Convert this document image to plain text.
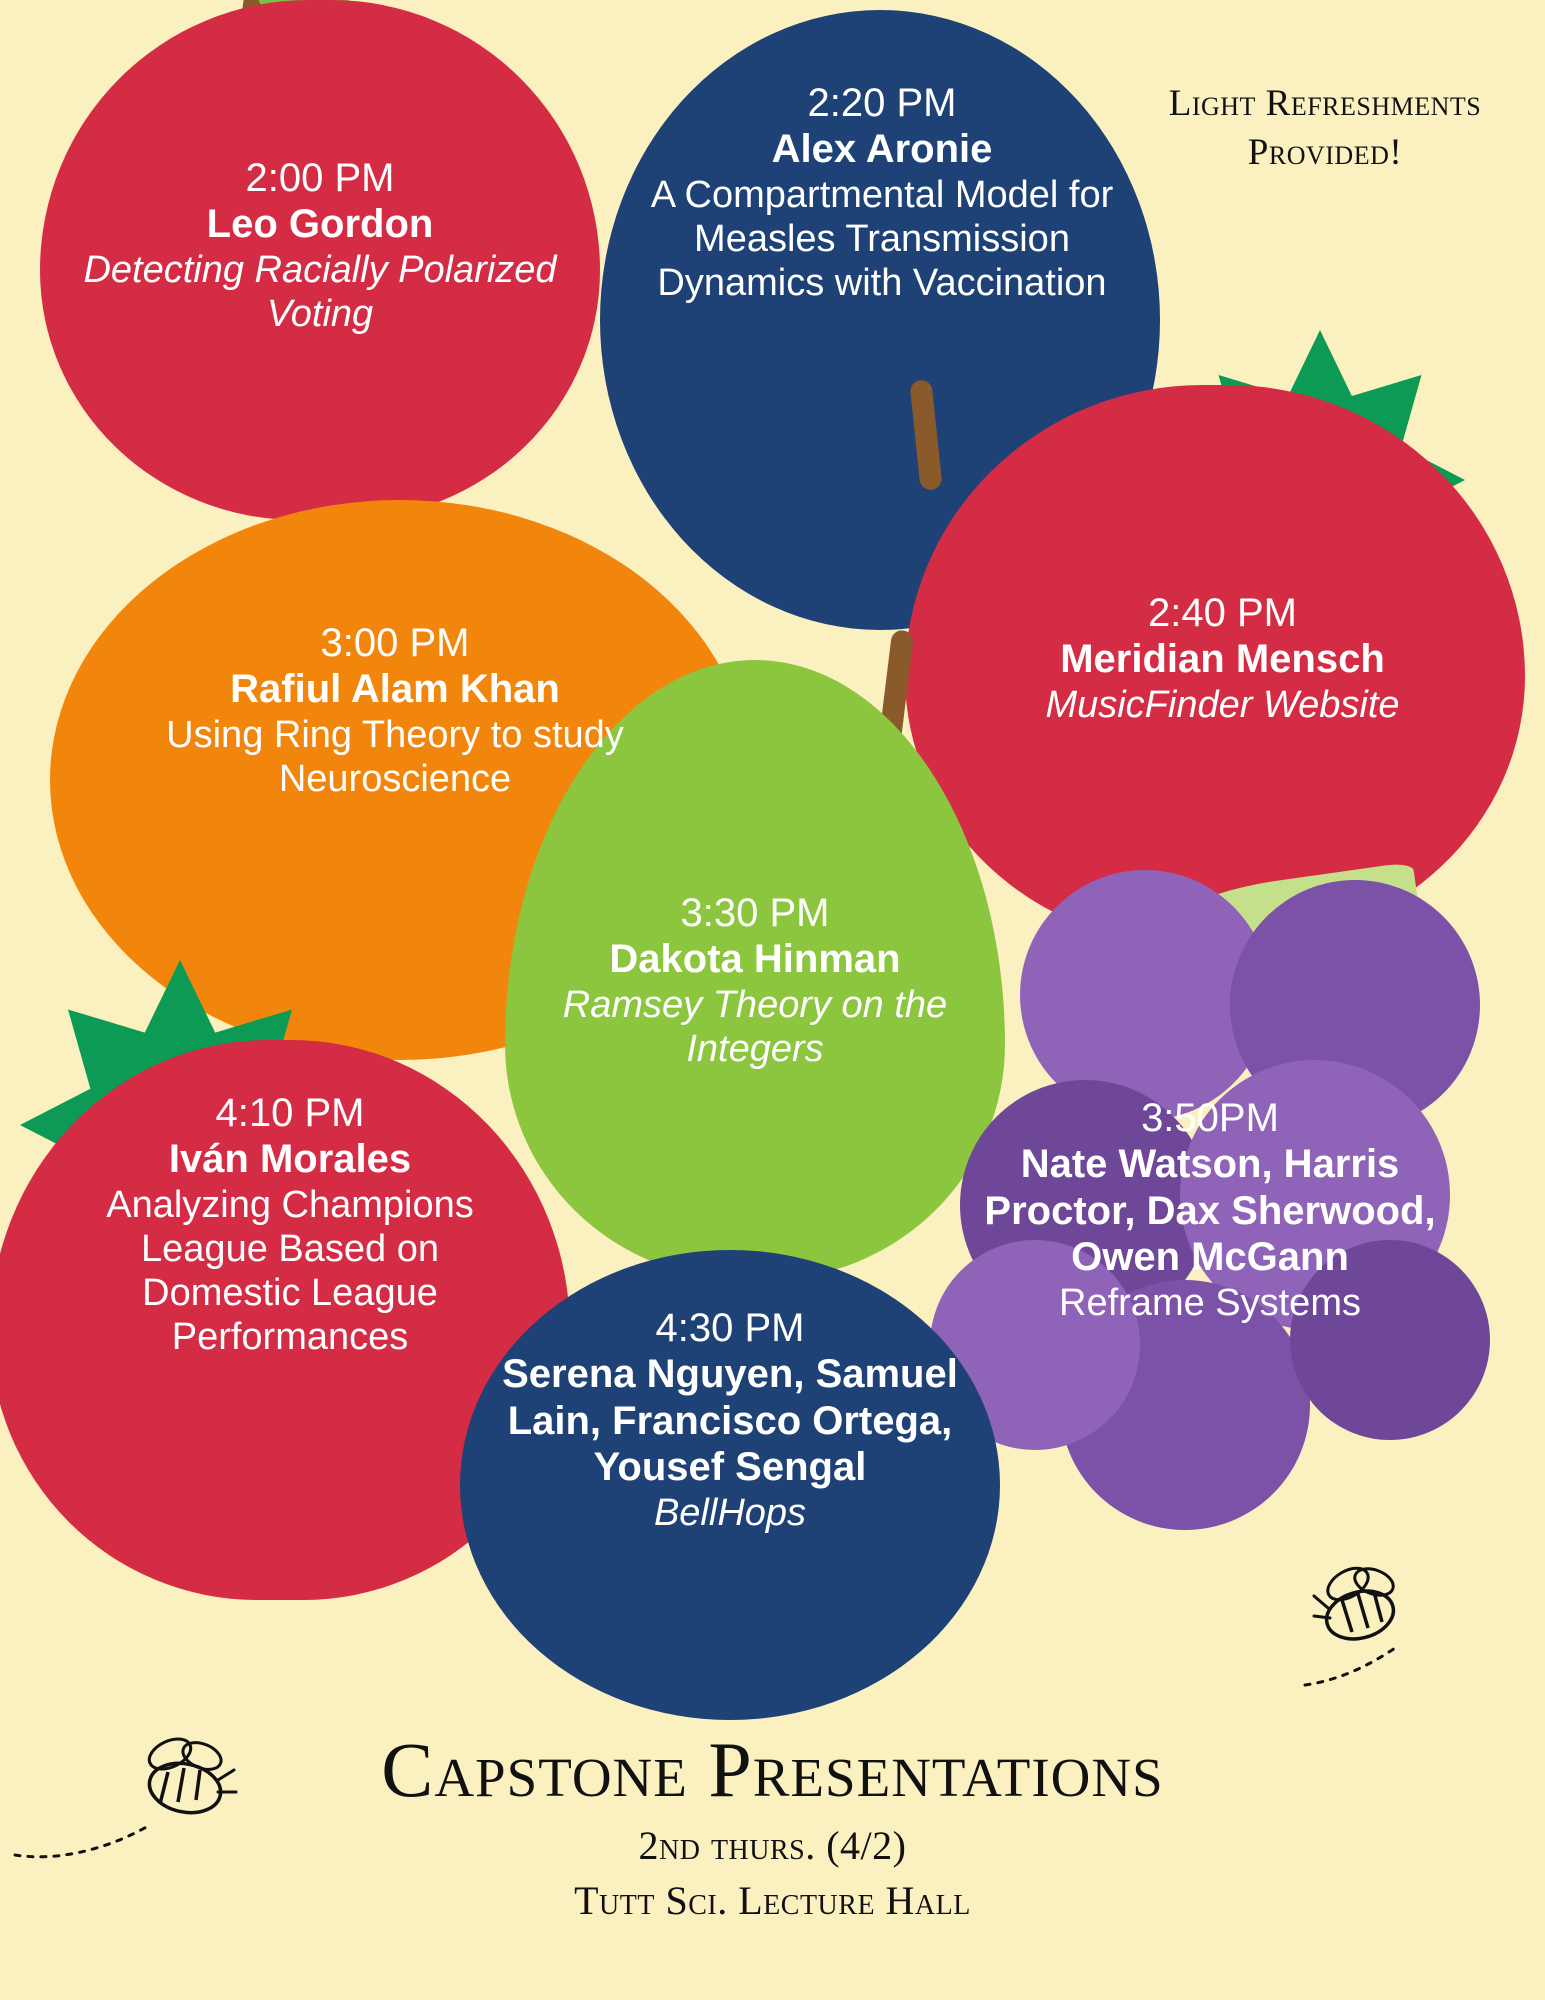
2:00 PM
Leo Gordon
Detecting Racially Polarized Voting
2:20 PM
Alex Aronie
A Compartmental Model for Measles Transmission Dynamics with Vaccination
2:40 PM
Meridian Mensch
MusicFinder Website
3:00 PM
Rafiul Alam Khan
Using Ring Theory to study Neuroscience
3:30 PM
Dakota Hinman
Ramsey Theory on the Integers
3:50PM
Nate Watson, Harris Proctor, Dax Sherwood, Owen McGann
Reframe Systems
4:10 PM
Iván Morales
Analyzing Champions League Based on Domestic League Performances	4:30 PM
Serena Nguyen, Samuel Lain, Francisco Ortega, Yousef Sengal
BellHops
Light Refreshments Provided!
Capstone Presentations
2nd thurs. (4/2)
Tutt Sci. Lecture Hall
